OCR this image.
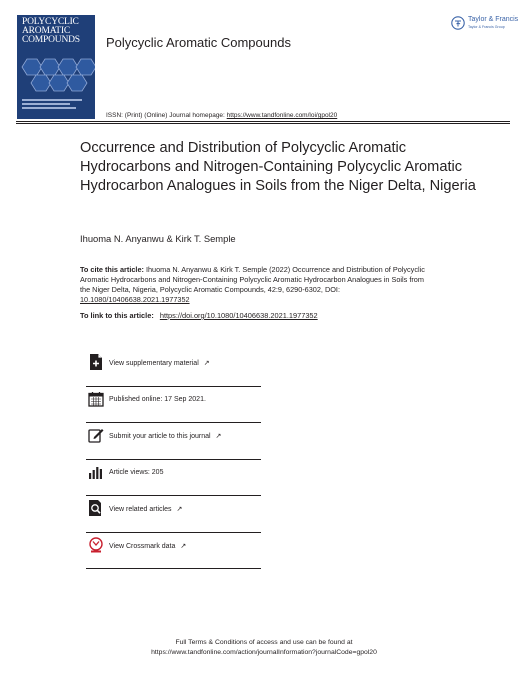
POLYCYCLIC
AROMATIC
COMPOUNDS Polycyclic Aromatic Compounds
Taylor & Francis
Taylor & Francis Group
ISSN: (Print) (Online) Journal homepage: https://www.tandfonline.com/loi/gpol20
Occurrence and Distribution of Polycyclic Aromatic Hydrocarbons and Nitrogen-Containing Polycyclic Aromatic Hydrocarbon Analogues in Soils from the Niger Delta, Nigeria
Ihuoma N. Anyanwu & Kirk T. Semple
To cite this article: Ihuoma N. Anyanwu & Kirk T. Semple (2022) Occurrence and Distribution of Polycyclic Aromatic Hydrocarbons and Nitrogen-Containing Polycyclic Aromatic Hydrocarbon Analogues in Soils from the Niger Delta, Nigeria, Polycyclic Aromatic Compounds, 42:9, 6290-6302, DOI: 10.1080/10406638.2021.1977352
To link to this article: https://doi.org/10.1080/10406638.2021.1977352
View supplementary material ↗
Published online: 17 Sep 2021.
Submit your article to this journal ↗
Article views: 205
View related articles ↗
View Crossmark data ↗
Full Terms & Conditions of access and use can be found at
https://www.tandfonline.com/action/journalInformation?journalCode=gpol20
